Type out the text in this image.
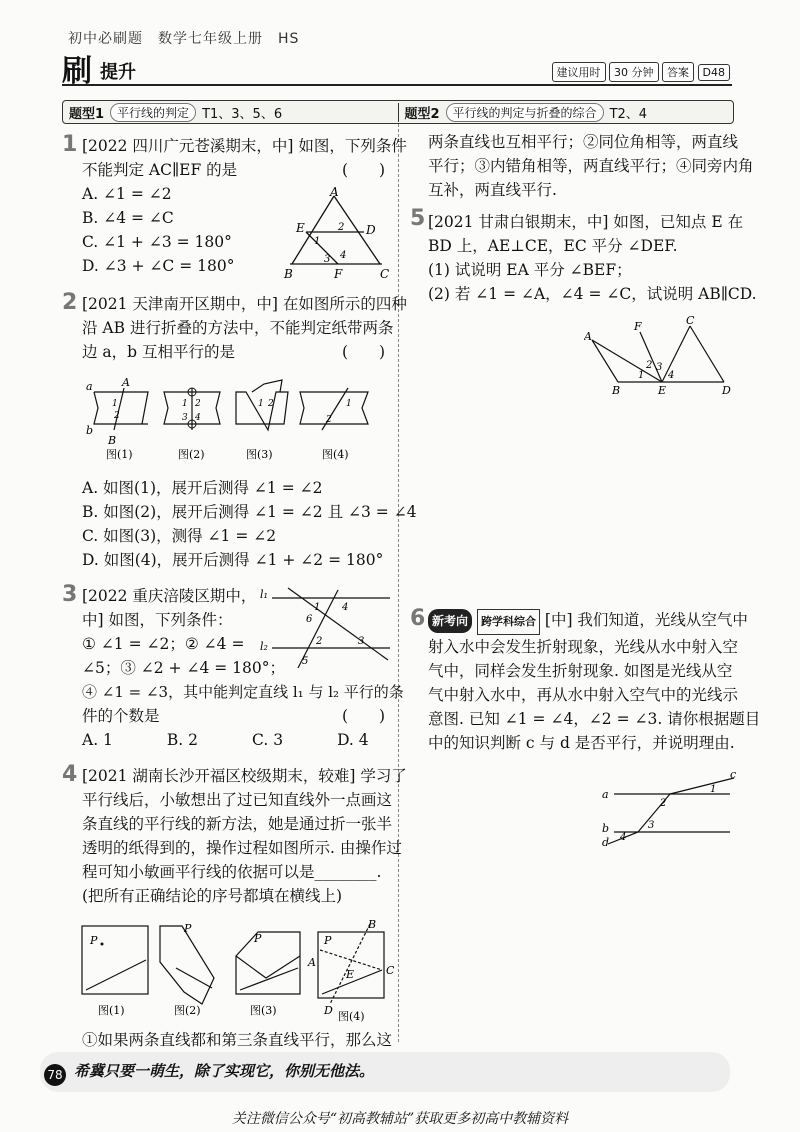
初中必刷题　数学七年级上册　HS
刷 提升	建议用时 30 分钟 答案 D48
题型1	平行线的判定	T1、3、5、6	题型2	平行线的判定与折叠的综合	T2、4
1 [2022 四川广元苍溪期末，中] 如图，下列条件
不能判定 AC∥EF 的是
A. ∠1 = ∠2
B. ∠4 = ∠C
C. ∠1 + ∠3 = 180°
D. ∠3 + ∠C = 180°
(　　)
A
E	D
B	F	C
1
2
3 4
2 [2021 天津南开区期中，中] 在如图所示的四种
沿 AB 进行折叠的方法中，不能判定纸带两条
边 a，b 互相平行的是	(　　)
A
B
a
b
1
2
1 2
3 4
1 2	1
2
图(1)	图(2)	图(3)	图(4)
A. 如图(1)，展开后测得 ∠1 = ∠2
B. 如图(2)，展开后测得 ∠1 = ∠2 且 ∠3 = ∠4
C. 如图(3)，测得 ∠1 = ∠2
D. 如图(4)，展开后测得 ∠1 + ∠2 = 180°
3 [2022 重庆涪陵区期中，
中] 如图，下列条件：
① ∠1 = ∠2；② ∠4 =
∠5；③ ∠2 + ∠4 = 180°；
④ ∠1 = ∠3，其中能判定直线 l₁ 与 l₂ 平行的条
件的个数是
A. 1	B. 2	C. 3	D. 4
(　　)
l₁
l₂
1
2	3
4
5
6
4 [2021 湖南长沙开福区校级期末，较难] 学习了
平行线后，小敏想出了过已知直线外一点画这
条直线的平行线的新方法，她是通过折一张半
透明的纸得到的，操作过程如图所示. 由操作过
程可知小敏画平行线的依据可以是________.
(把所有正确结论的序号都填在横线上)
P
P
P	P
A
B
C
D
E
图(1)	图(2)	图(3)	图(4)
①如果两条直线都和第三条直线平行，那么这
两条直线也互相平行；②同位角相等，两直线
平行；③内错角相等，两直线平行；④同旁内角
互补，两直线平行.
5 [2021 甘肃白银期末，中] 如图，已知点 E 在
BD 上，AE⊥CE，EC 平分 ∠DEF.
(1) 试说明 EA 平分 ∠BEF；
(2) 若 ∠1 = ∠A，∠4 = ∠C，试说明 AB∥CD.
A
F	C
B	E	D
1
2 3
4
6 新考向 跨学科综合 [中] 我们知道，光线从空气中
射入水中会发生折射现象，光线从水中射入空
气中，同样会发生折射现象. 如图是光线从空
气中射入水中，再从水中射入空气中的光线示
意图. 已知 ∠1 = ∠4，∠2 = ∠3. 请你根据题目
中的知识判断 c 与 d 是否平行，并说明理由.
a
b
c
d
1
2
3
4
78 希冀只要一萌生，除了实现它，你别无他法。
关注微信公众号“初高教辅站”获取更多初高中教辅资料
